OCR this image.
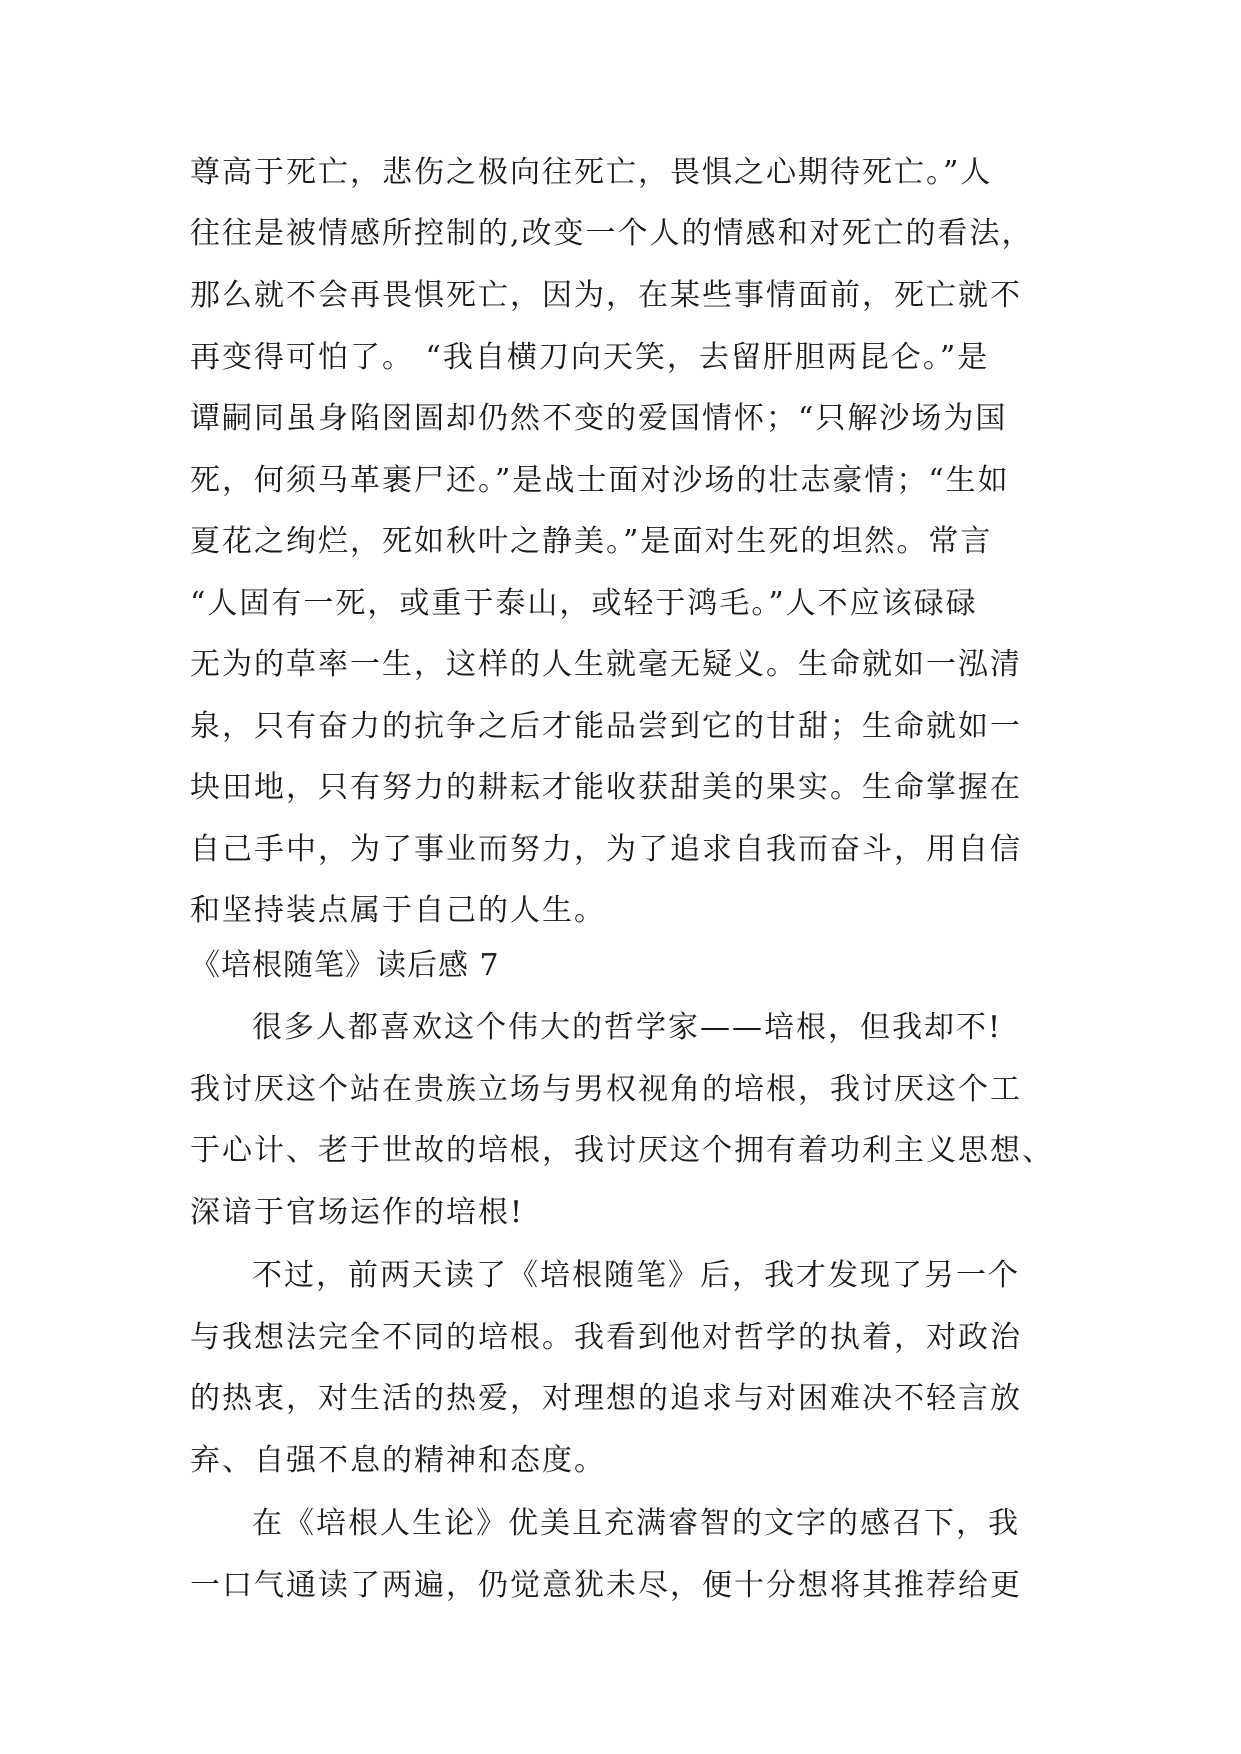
尊高于死亡，悲伤之极向往死亡，畏惧之心期待死亡。”人
往往是被情感所控制的,改变一个人的情感和对死亡的看法，
那么就不会再畏惧死亡，因为，在某些事情面前，死亡就不
再变得可怕了。 “我自横刀向天笑，去留肝胆两昆仑。”是
谭嗣同虽身陷囹圄却仍然不变的爱国情怀；“只解沙场为国
死，何须马革裹尸还。”是战士面对沙场的壮志豪情；“生如
夏花之绚烂，死如秋叶之静美。”是面对生死的坦然。常言
“人固有一死，或重于泰山，或轻于鸿毛。”人不应该碌碌
无为的草率一生，这样的人生就毫无疑义。生命就如一泓清
泉，只有奋力的抗争之后才能品尝到它的甘甜；生命就如一
块田地，只有努力的耕耘才能收获甜美的果实。生命掌握在
自己手中，为了事业而努力，为了追求自我而奋斗，用自信
和坚持装点属于自己的人生。
《培根随笔》读后感 7
很多人都喜欢这个伟大的哲学家——培根，但我却不!
我讨厌这个站在贵族立场与男权视角的培根，我讨厌这个工
于心计、老于世故的培根，我讨厌这个拥有着功利主义思想、
深谙于官场运作的培根!
不过，前两天读了《培根随笔》后，我才发现了另一个
与我想法完全不同的培根。我看到他对哲学的执着，对政治
的热衷，对生活的热爱，对理想的追求与对困难决不轻言放
弃、自强不息的精神和态度。
在《培根人生论》优美且充满睿智的文字的感召下，我
一口气通读了两遍，仍觉意犹未尽，便十分想将其推荐给更
